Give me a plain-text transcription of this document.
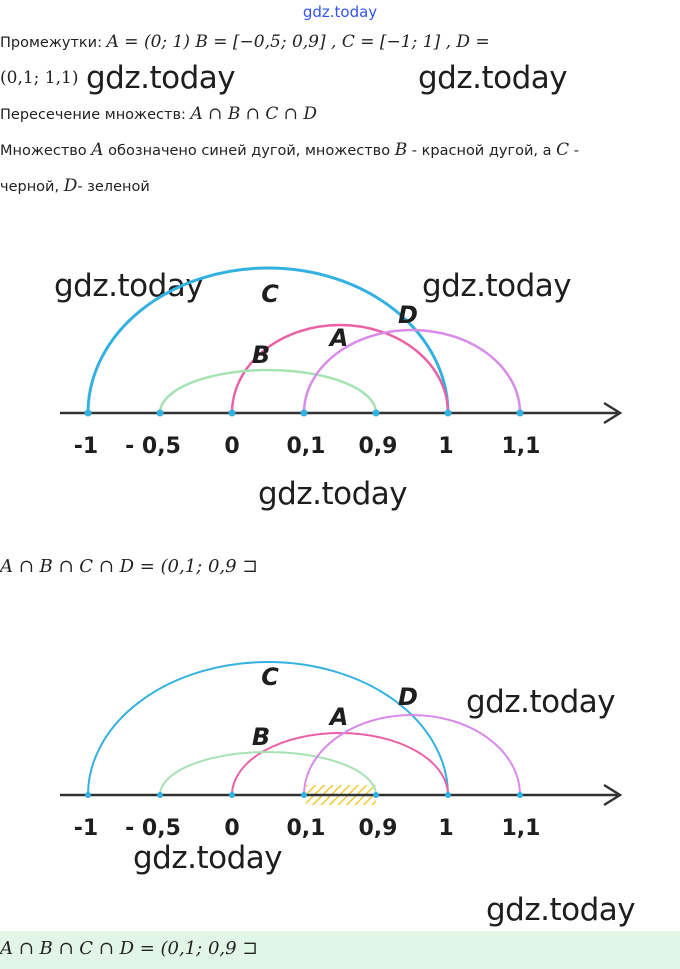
gdz.today
Промежутки: A = (0; 1) B = [−0,5; 0,9] , C = [−1; 1] , D =
(0,1; 1,1)
Пересечение множеств: A ∩ B ∩ C ∩ D
Множество A обозначено синей дугой, множество B - красной дугой, а C -
черной, D- зеленой
gdz.today	gdz.today
gdz.today	gdz.today
gdz.today
gdz.today
gdz.today
gdz.today
-1 - 0,5 0 0,1 0,9 1 1,1
C
A
B
D
A ∩ B ∩ C ∩ D = (0,1; 0,9 ⊐
-1 - 0,5 0 0,1 0,9 1 1,1
C
A
B
D
A ∩ B ∩ C ∩ D = (0,1; 0,9 ⊐
